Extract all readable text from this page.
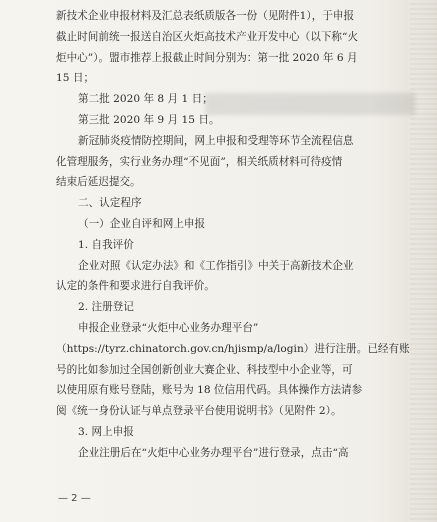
新技术企业申报材料及汇总表纸质版各一份（见附件1），于申报
截止时间前统一报送自治区火炬高技术产业开发中心（以下称“火
炬中心”）。盟市推荐上报截止时间分别为：第一批 2020 年 6 月
15 日；
第二批 2020 年 8 月 1 日；
第三批 2020 年 9 月 15 日。
新冠肺炎疫情防控期间，网上申报和受理等环节全流程信息
化管理服务，实行业务办理“不见面”，相关纸质材料可待疫情
结束后延迟提交。
二、认定程序
（一）企业自评和网上申报
1. 自我评价
企业对照《认定办法》和《工作指引》中关于高新技术企业
认定的条件和要求进行自我评价。
2. 注册登记
申报企业登录“火炬中心业务办理平台”
（https://tyrz.chinatorch.gov.cn/hjismp/a/login）进行注册。已经有账
号的比如参加过全国创新创业大赛企业、科技型中小企业等，可
以使用原有账号登陆，账号为 18 位信用代码。具体操作方法请参
阅《统一身份认证与单点登录平台使用说明书》（见附件 2）。
3. 网上申报
企业注册后在“火炬中心业务办理平台”进行登录，点击“高
— 2 —
